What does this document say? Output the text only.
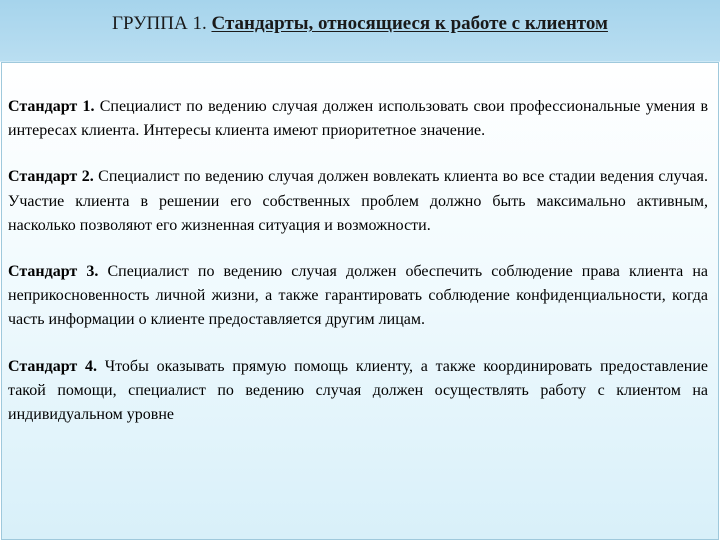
ГРУППА 1. Стандарты, относящиеся к работе с клиентом

Стандарт 1. Специалист по ведению случая должен использовать свои профессиональные умения в интересах клиента. Интересы клиента имеют приоритетное значение.

Стандарт 2. Специалист по ведению случая должен вовлекать клиента во все стадии ведения случая. Участие клиента в решении его собственных проблем должно быть максимально активным, насколько позволяют его жизненная ситуация и возможности.

Стандарт 3. Специалист по ведению случая должен обеспечить соблюдение права клиента на неприкосновенность личной жизни, а также гарантировать соблюдение конфиденциальности, когда часть информации о клиенте предоставляется другим лицам.

Стандарт 4. Чтобы оказывать прямую помощь клиенту, а также координировать предоставление такой помощи, специалист по ведению случая должен осуществлять работу с клиентом на индивидуальном уровне
